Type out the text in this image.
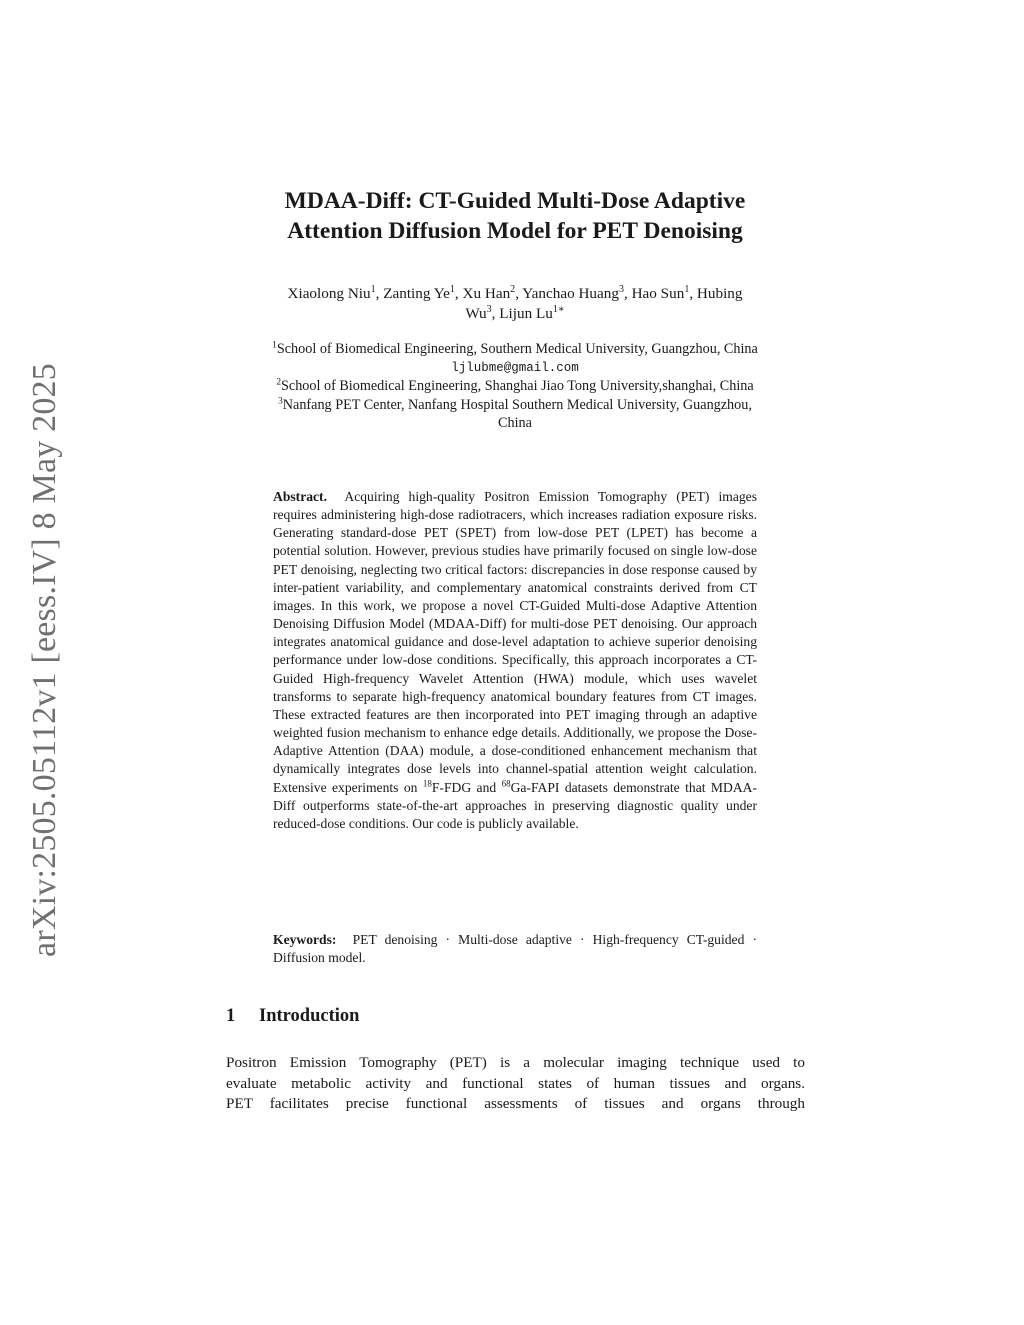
arXiv:2505.05112v1 [eess.IV] 8 May 2025
MDAA-Diff: CT-Guided Multi-Dose Adaptive
Attention Diffusion Model for PET Denoising
Xiaolong Niu$^1$, Zanting Ye$^1$, Xu Han$^2$, Yanchao Huang$^3$, Hao Sun$^1$, Hubing
Wu$^3$, Lijun $Lu^{1∗}$
$^1$School of Biomedical Engineering, Southern Medical University, Guangzhou, China
ljlubme@gmail.com
$^2$School of Biomedical Engineering, Shanghai Jiao Tong University,shanghai, China
$^3$Nanfang PET Center, Nanfang Hospital Southern Medical University, Guangzhou,
China
Abstract. Acquiring high-quality Positron Emission Tomography (PET) images requires administering high-dose radiotracers, which increases radiation exposure risks. Generating standard-dose PET (SPET) from low-dose PET (LPET) has become a potential solution. However, previous studies have primarily focused on single low-dose PET denoising, neglecting two critical factors: discrepancies in dose response caused by inter-patient variability, and complementary anatomical constraints derived from CT images. In this work, we propose a novel CT-Guided Multi-dose Adaptive Attention Denoising Diffusion Model (MDAA-Diff) for multi-dose PET denoising. Our approach integrates anatomical guidance and dose-level adaptation to achieve superior denoising performance under low-dose conditions. Specifically, this approach incorporates a CT-Guided High-frequency Wavelet Attention (HWA) module, which uses wavelet transforms to separate high-frequency anatomical boundary features from CT images. These extracted features are then incorporated into PET imaging through an adaptive weighted fusion mechanism to enhance edge details. Additionally, we propose the Dose-Adaptive Attention (DAA) module, a dose-conditioned enhancement mechanism that dynamically integrates dose levels into channel-spatial attention weight calculation. Extensive experiments on $^{18}$F-FDG and $^{68}$Ga-FAPI datasets demonstrate that MDAA-Diff outperforms state-of-the-art approaches in preserving diagnostic quality under reduced-dose conditions. Our code is publicly available.
Keywords: PET denoising · Multi-dose adaptive · High-frequency CT-guided · Diffusion model.
1 Introduction
Positron Emission Tomography (PET) is a molecular imaging technique used to
evaluate metabolic activity and functional states of human tissues and organs.
PET facilitates precise functional assessments of tissues and organs through
